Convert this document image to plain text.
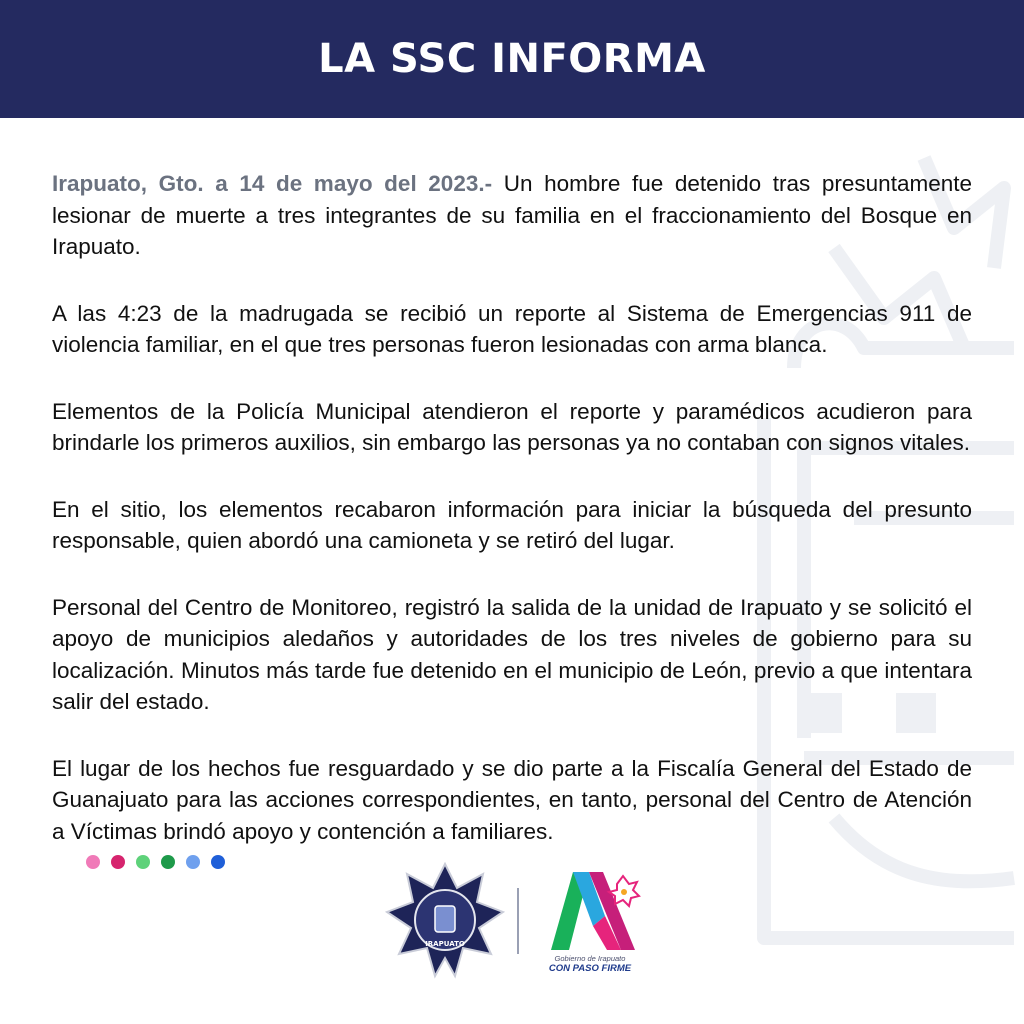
LA SSC INFORMA

Irapuato, Gto. a 14 de mayo del 2023.- Un hombre fue detenido tras presuntamente lesionar de muerte a tres integrantes de su familia en el fraccionamiento del Bosque en Irapuato.

A las 4:23 de la madrugada se recibió un reporte al Sistema de Emergencias 911 de violencia familiar, en el que tres personas fueron lesionadas con arma blanca.

Elementos de la Policía Municipal atendieron el reporte y paramédicos acudieron para brindarle los primeros auxilios, sin embargo las personas ya no contaban con signos vitales.

En el sitio, los elementos recabaron información para iniciar la búsqueda del presunto responsable, quien abordó una camioneta y se retiró del lugar.

Personal del Centro de Monitoreo, registró la salida de la unidad de Irapuato y se solicitó el apoyo de municipios aledaños y autoridades de los tres niveles de gobierno para su localización. Minutos más tarde fue detenido en el municipio de León, previo a que intentara salir del estado.

El lugar de los hechos fue resguardado y se dio parte a la Fiscalía General del Estado de Guanajuato para las acciones correspondientes, en tanto, personal del Centro de Atención a Víctimas brindó apoyo y contención a familiares.

IRAPUATO
Gobierno de Irapuato
CON PASO FIRME
